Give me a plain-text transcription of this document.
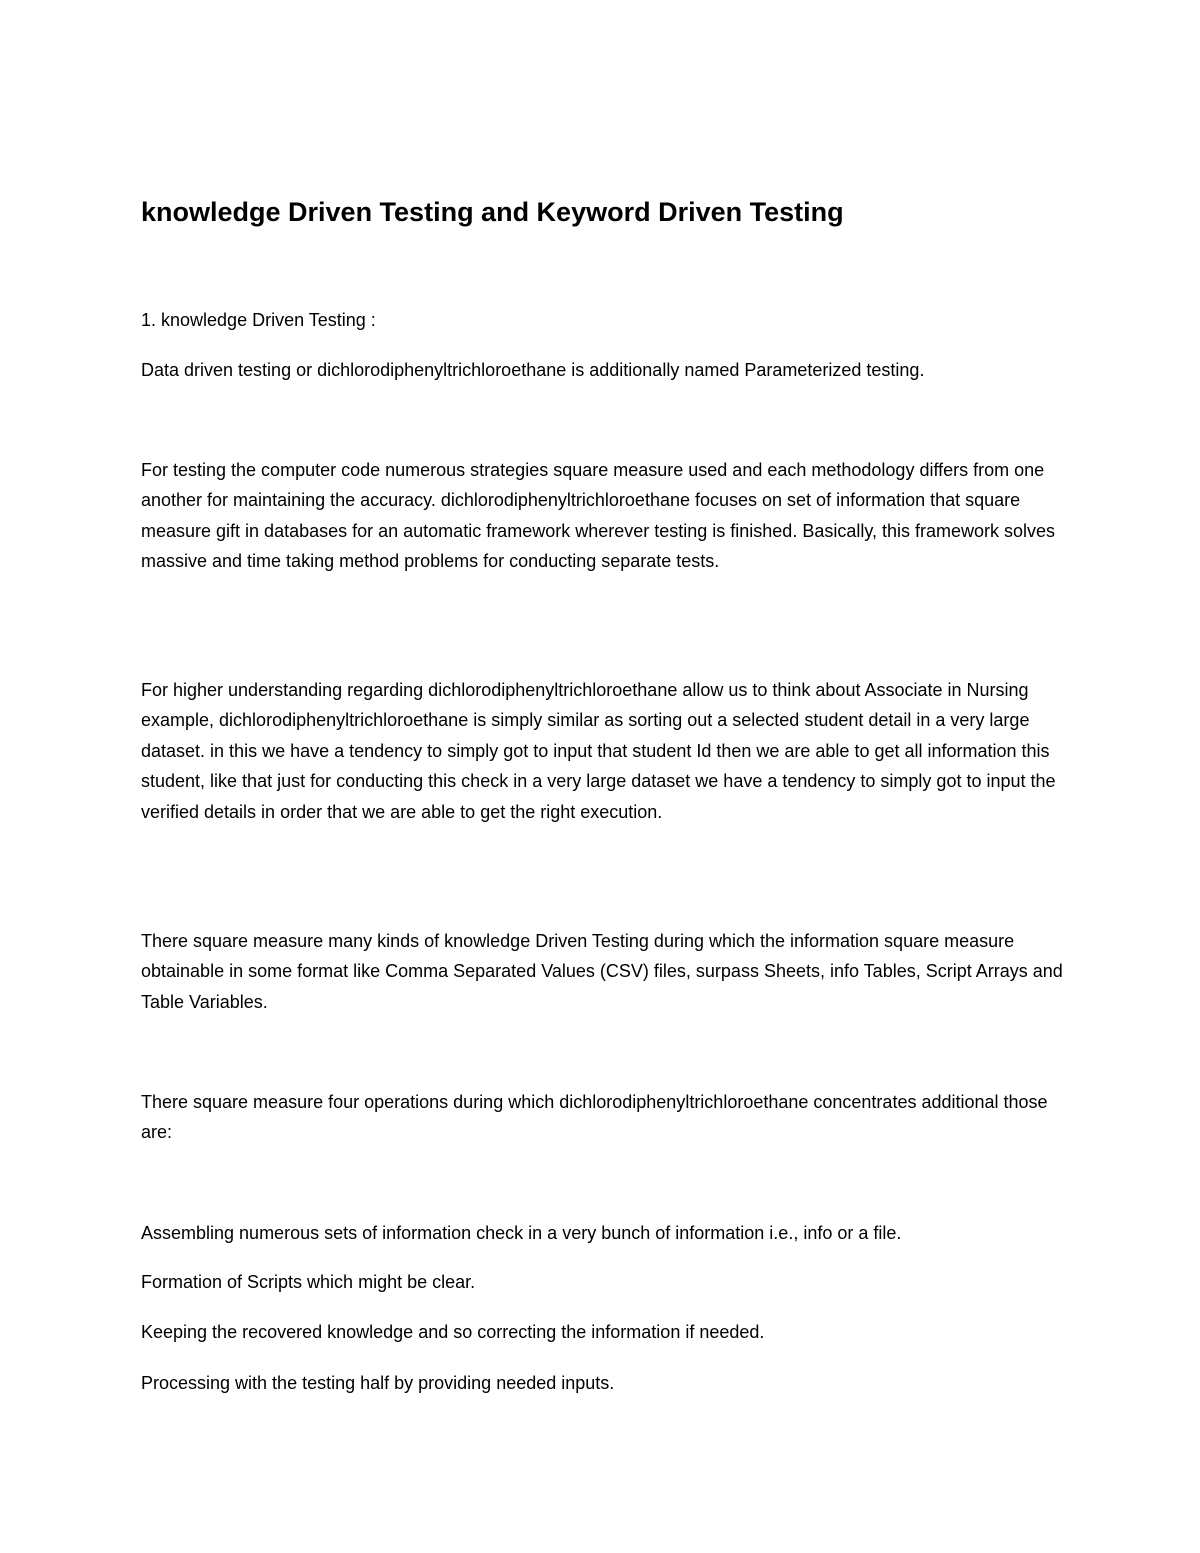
knowledge Driven Testing and Keyword Driven Testing

1. knowledge Driven Testing :

Data driven testing or dichlorodiphenyltrichloroethane is additionally named Parameterized testing.

For testing the computer code numerous strategies square measure used and each methodology differs from one another for maintaining the accuracy. dichlorodiphenyltrichloroethane focuses on set of information that square measure gift in databases for an automatic framework wherever testing is finished. Basically, this framework solves massive and time taking method problems for conducting separate tests.

For higher understanding regarding dichlorodiphenyltrichloroethane allow us to think about Associate in Nursing example, dichlorodiphenyltrichloroethane is simply similar as sorting out a selected student detail in a very large dataset. in this we have a tendency to simply got to input that student Id then we are able to get all information this student, like that just for conducting this check in a very large dataset we have a tendency to simply got to input the verified details in order that we are able to get the right execution.

There square measure many kinds of knowledge Driven Testing during which the information square measure obtainable in some format like Comma Separated Values (CSV) files, surpass Sheets, info Tables, Script Arrays and Table Variables.

There square measure four operations during which dichlorodiphenyltrichloroethane concentrates additional those are:

Assembling numerous sets of information check in a very bunch of information i.e., info or a file.

Formation of Scripts which might be clear.

Keeping the recovered knowledge and so correcting the information if needed.

Processing with the testing half by providing needed inputs.
